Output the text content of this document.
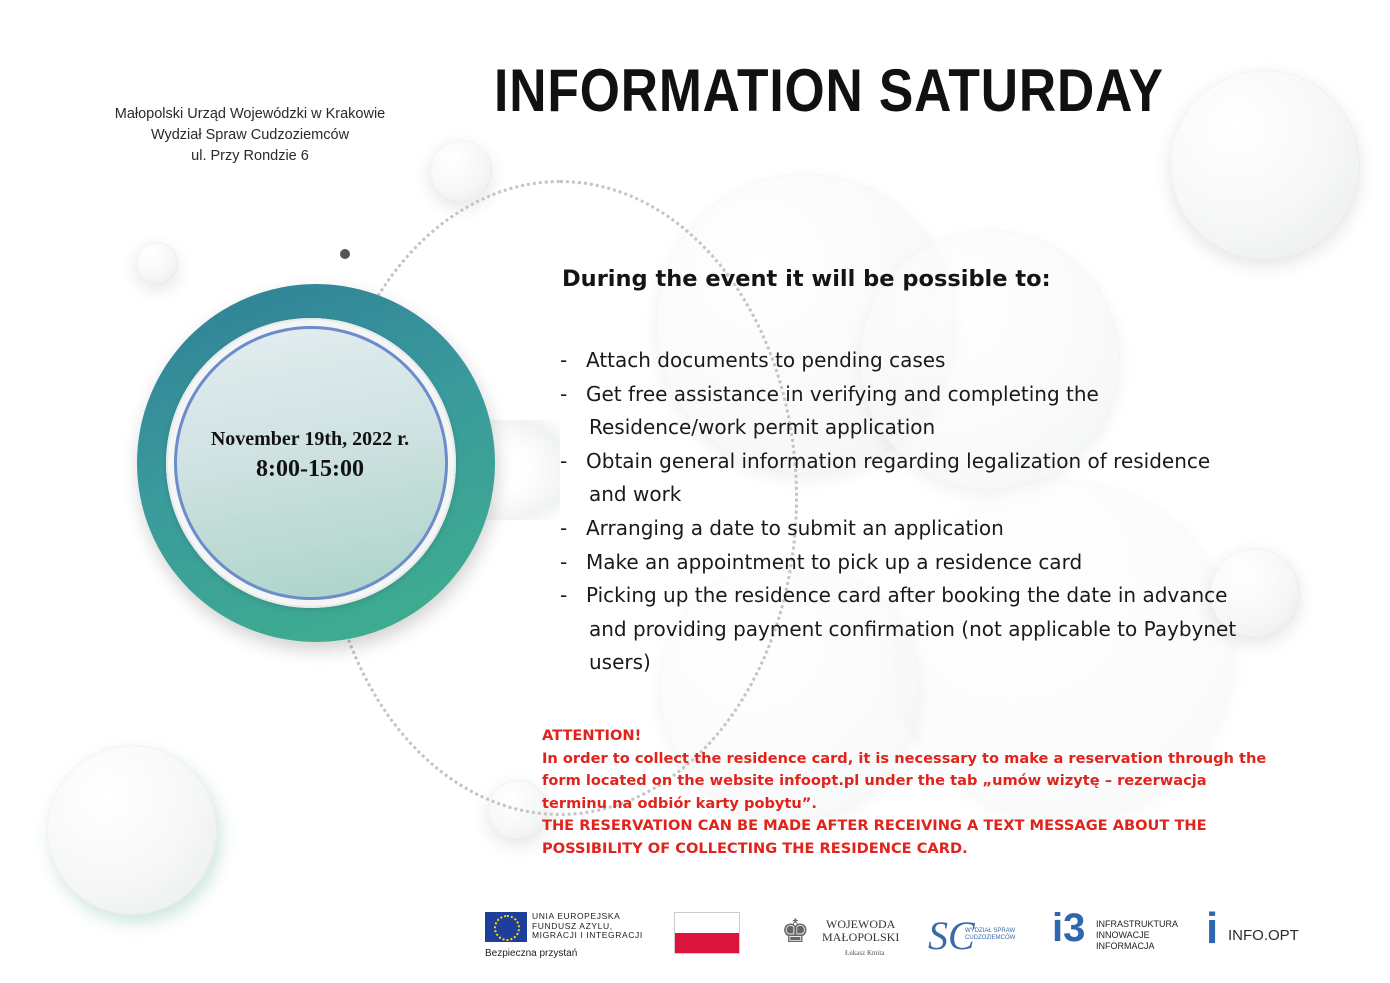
November 19th, 2022 r.
8:00-15:00
Małopolski Urząd Wojewódzki w Krakowie
Wydział Spraw Cudzoziemców
ul. Przy Rondzie 6
INFORMATION SATURDAY
During the event it will be possible to:
- Attach documents to pending cases
- Get free assistance in verifying and completing the
Residence/work permit application
- Obtain general information regarding legalization of residence
and work
- Arranging a date to submit an application
- Make an appointment to pick up a residence card
- Picking up the residence card after booking the date in advance
and providing payment confirmation (not applicable to Paybynet
users)
ATTENTION!
In order to collect the residence card, it is necessary to make a reservation through the
form located on the website infoopt.pl under the tab „umów wizytę – rezerwacja
terminu na odbiór karty pobytu”.
THE RESERVATION CAN BE MADE AFTER RECEIVING A TEXT MESSAGE ABOUT THE
POSSIBILITY OF COLLECTING THE RESIDENCE CARD.
UNIA EUROPEJSKA
FUNDUSZ AZYLU,
MIGRACJI I INTEGRACJI
Bezpieczna przystań
♚	WOJEWODA
MAŁOPOLSKI
Łukasz Kmita SC
WYDZIAŁ SPRAW
CUDZOZIEMCÓW i3 INFRASTRUKTURA
INNOWACJE
INFORMACJA	i INFO.OPT
